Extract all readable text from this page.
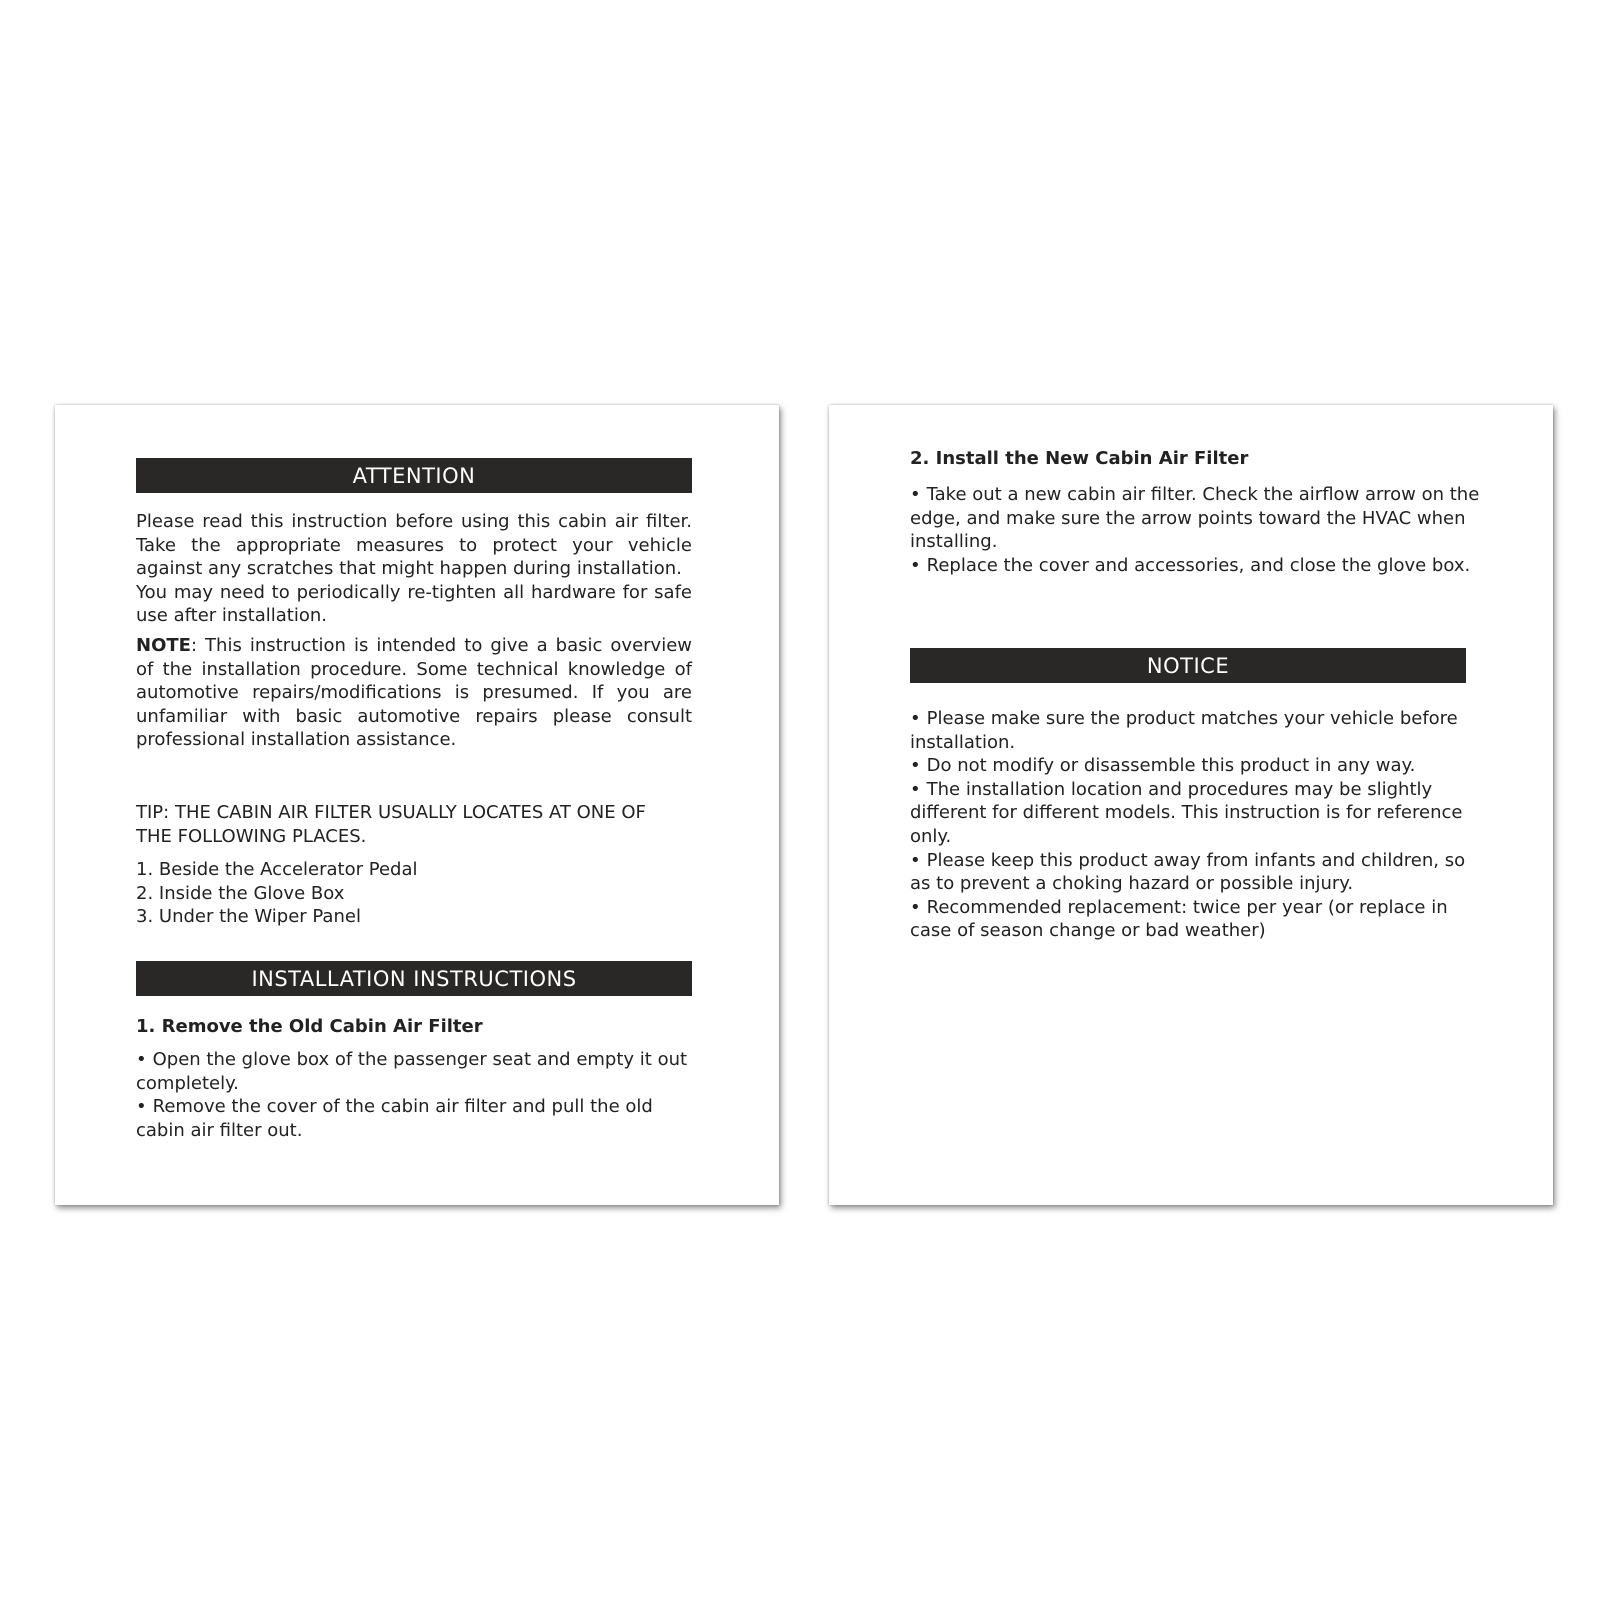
ATTENTION

Please read this instruction before using this cabin air filter. Take the appropriate measures to protect your vehicle against any scratches that might happen during installation.

You may need to periodically re-tighten all hardware for safe use after installation.

NOTE: This instruction is intended to give a basic overview of the installation procedure. Some technical knowledge of automotive repairs/modifications is presumed. If you are unfamiliar with basic automotive repairs please consult professional installation assistance.

TIP: THE CABIN AIR FILTER USUALLY LOCATES AT ONE OF
THE FOLLOWING PLACES.
1. Beside the Accelerator Pedal
2. Inside the Glove Box
3. Under the Wiper Panel
INSTALLATION INSTRUCTIONS
1. Remove the Old Cabin Air Filter

• Open the glove box of the passenger seat and empty it out completely.

• Remove the cover of the cabin air filter and pull the old cabin air filter out.

2. Install the New Cabin Air Filter

• Take out a new cabin air filter. Check the airflow arrow on the edge, and make sure the arrow points toward the HVAC when installing.

• Replace the cover and accessories, and close the glove box.

NOTICE

• Please make sure the product matches your vehicle before installation.

• Do not modify or disassemble this product in any way.

• The installation location and procedures may be slightly different for different models. This instruction is for reference only.

• Please keep this product away from infants and children, so as to prevent a choking hazard or possible injury.

• Recommended replacement: twice per year (or replace in case of season change or bad weather)
